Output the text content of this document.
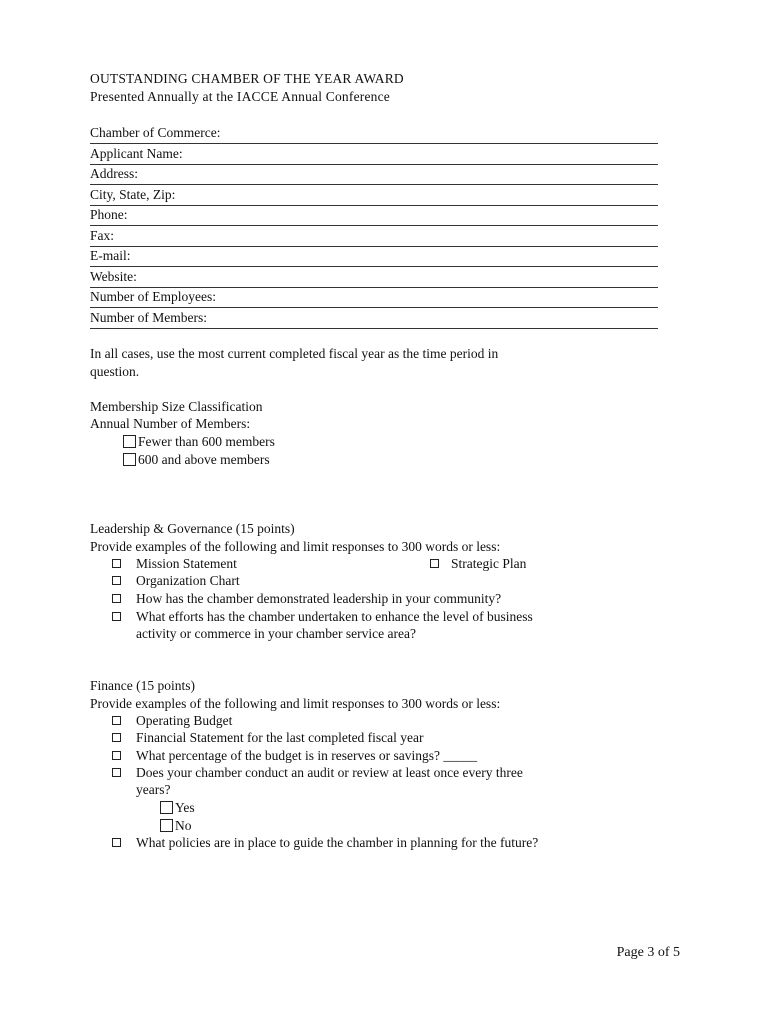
OUTSTANDING CHAMBER OF THE YEAR AWARD
Presented Annually at the IACCE Annual Conference
Chamber of Commerce:
Applicant Name:
Address:
City, State, Zip:
Phone:
Fax:
E-mail:
Website:
Number of Employees:
Number of Members:
In all cases, use the most current completed fiscal year as the time period in
question.
Membership Size Classification
Annual Number of Members:
Fewer than 600 members
600 and above members
Leadership & Governance (15 points)
Provide examples of the following and limit responses to 300 words or less:
Mission Statement	Strategic Plan
Organization Chart
How has the chamber demonstrated leadership in your community?
What efforts has the chamber undertaken to enhance the level of business
activity or commerce in your chamber service area?
Finance (15 points)
Provide examples of the following and limit responses to 300 words or less:
Operating Budget
Financial Statement for the last completed fiscal year
What percentage of the budget is in reserves or savings? _____
Does your chamber conduct an audit or review at least once every three
years?
Yes
No
What policies are in place to guide the chamber in planning for the future?
Page 3 of 5
